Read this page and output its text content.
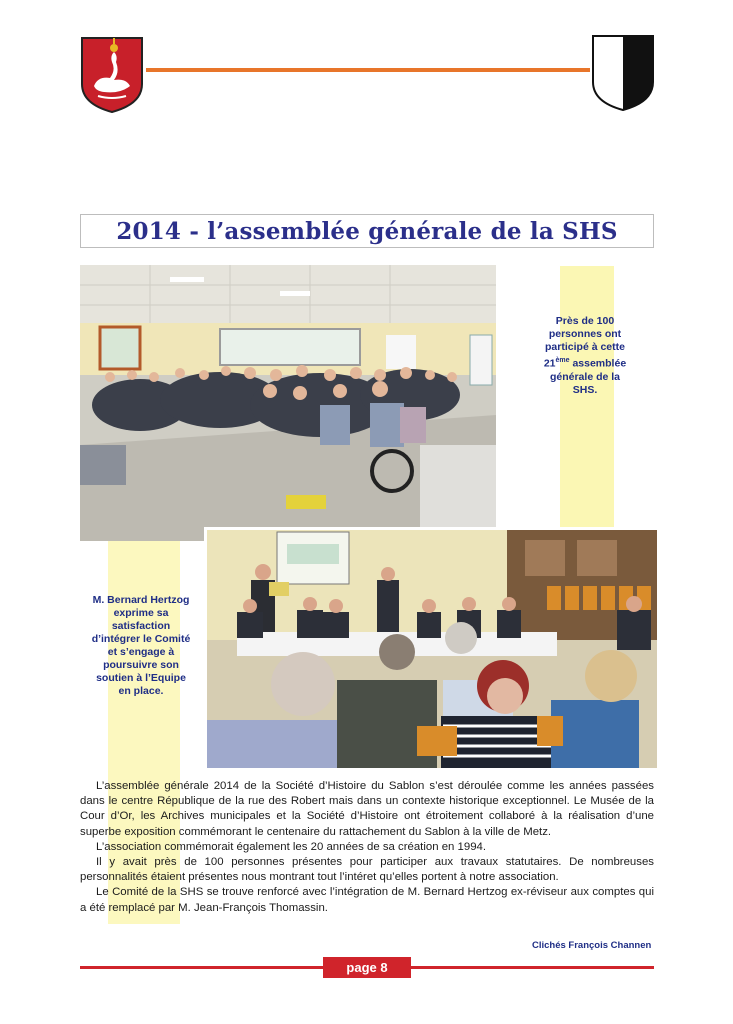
2014 - l’assemblée générale de la SHS
Près de 100
personnes ont
participé à cette
21ème assemblée
générale de la
SHS.
M. Bernard Hertzog
exprime sa
satisfaction
d’intégrer le Comité
et s’engage à
poursuivre son
soutien à l’Equipe
en place.

L’assemblée générale 2014 de la Société d’Histoire du Sablon s’est déroulée comme les années passées dans le centre République de la rue des Robert mais dans un contexte historique exceptionnel. Le Musée de la Cour d’Or, les Archives municipales et la Société d’Histoire ont étroitement collaboré à la réalisation d’une superbe exposition commémorant le centenaire du rattachement du Sablon à la ville de Metz.

L’association commémorait également les 20 années de sa création en 1994.

Il y avait près de 100 personnes présentes pour participer aux travaux statutaires. De nombreuses personnalités étaient présentes nous montrant tout l’intéret qu’elles portent à notre association.

Le Comité de la SHS se trouve renforcé avec l’intégration de M. Bernard Hertzog ex-réviseur aux comptes qui a été remplacé par M. Jean-François Thomassin.

Clichés François Channen
page 8
